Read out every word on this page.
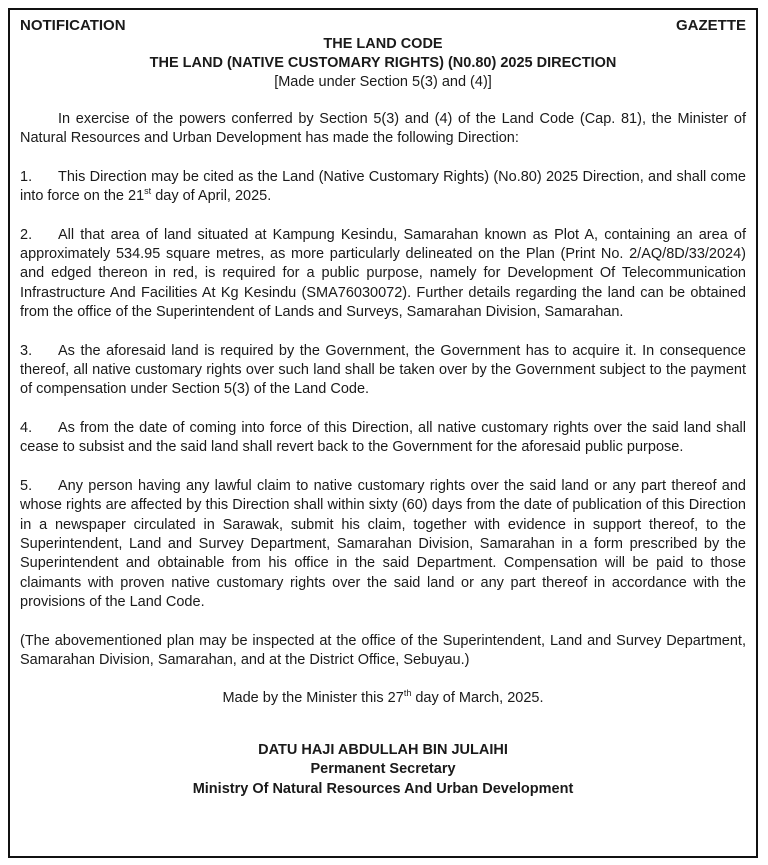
NOTIFICATION	GAZETTE
THE LAND CODE
THE LAND (NATIVE CUSTOMARY RIGHTS) (N0.80) 2025 DIRECTION
[Made under Section 5(3) and (4)]

In exercise of the powers conferred by Section 5(3) and (4) of the Land Code (Cap. 81), the Minister of Natural Resources and Urban Development has made the following Direction:

1. This Direction may be cited as the Land (Native Customary Rights) (No.80) 2025 Direction, and shall come into force on the 21st day of April, 2025.

2. All that area of land situated at Kampung Kesindu, Samarahan known as Plot A, containing an area of approximately 534.95 square metres, as more particularly delineated on the Plan (Print No. 2/AQ/8D/33/2024) and edged thereon in red, is required for a public purpose, namely for Development Of Telecommunication Infrastructure And Facilities At Kg Kesindu (SMA76030072). Further details regarding the land can be obtained from the office of the Superintendent of Lands and Surveys, Samarahan Division, Samarahan.

3. As the aforesaid land is required by the Government, the Government has to acquire it. In consequence thereof, all native customary rights over such land shall be taken over by the Government subject to the payment of compensation under Section 5(3) of the Land Code.

4. As from the date of coming into force of this Direction, all native customary rights over the said land shall cease to subsist and the said land shall revert back to the Government for the aforesaid public purpose.

5. Any person having any lawful claim to native customary rights over the said land or any part thereof and whose rights are affected by this Direction shall within sixty (60) days from the date of publication of this Direction in a newspaper circulated in Sarawak, submit his claim, together with evidence in support thereof, to the Superintendent, Land and Survey Department, Samarahan Division, Samarahan in a form prescribed by the Superintendent and obtainable from his office in the said Department. Compensation will be paid to those claimants with proven native customary rights over the said land or any part thereof in accordance with the provisions of the Land Code.

(The abovementioned plan may be inspected at the office of the Superintendent, Land and Survey Department, Samarahan Division, Samarahan, and at the District Office, Sebuyau.)

Made by the Minister this 27th day of March, 2025.

DATU HAJI ABDULLAH BIN JULAIHI
Permanent Secretary
Ministry Of Natural Resources And Urban Development
